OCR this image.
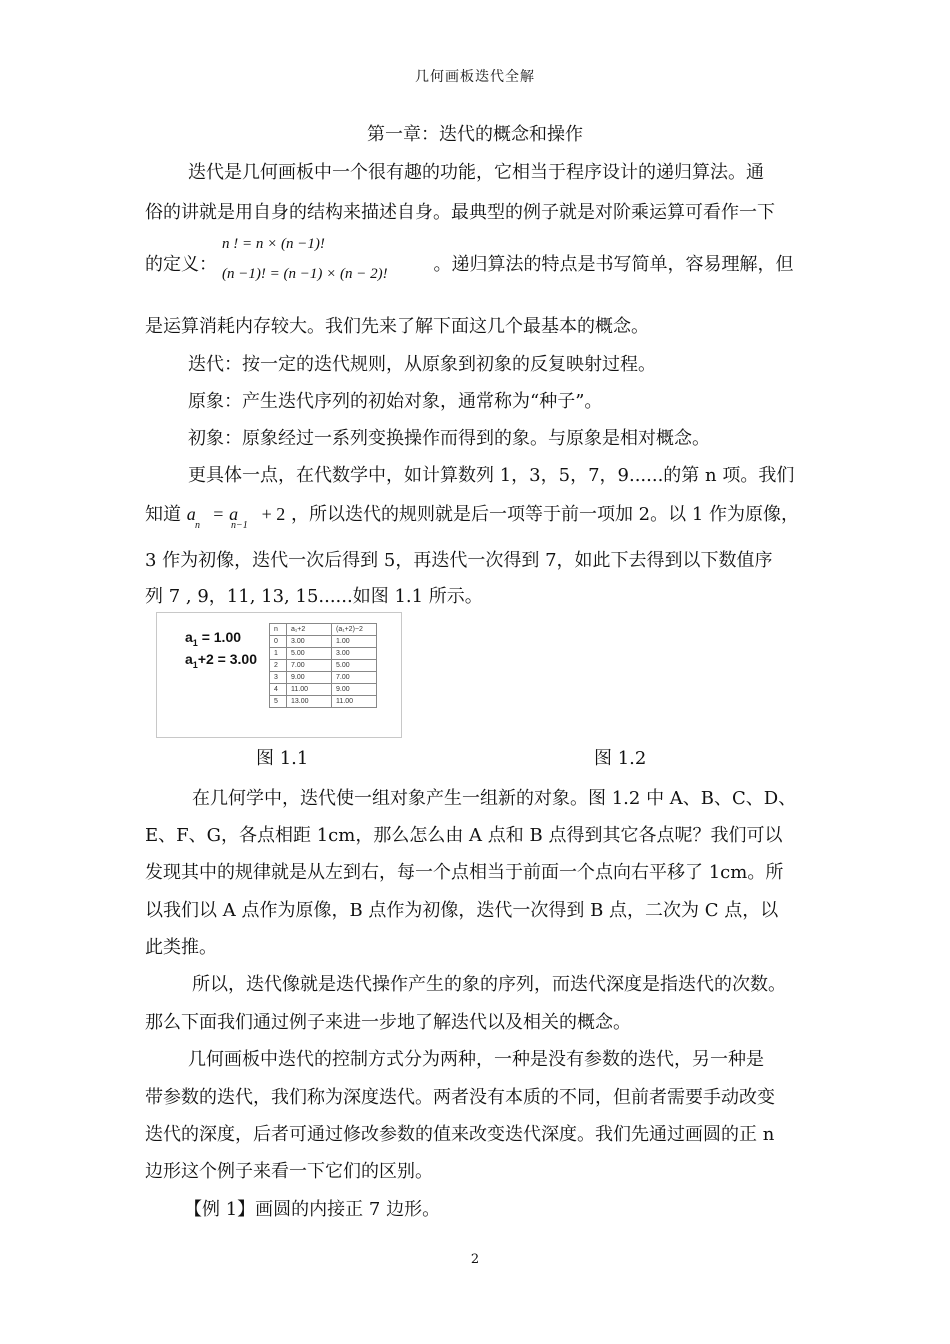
几何画板迭代全解
第一章：迭代的概念和操作
迭代是几何画板中一个很有趣的功能，它相当于程序设计的递归算法。通
俗的讲就是用自身的结构来描述自身。最典型的例子就是对阶乘运算可看作一下
的定义：	。递归算法的特点是书写简单，容易理解，但
n ! = n × (n −1)!
(n −1)! = (n −1) × (n − 2)!
是运算消耗内存较大。我们先来了解下面这几个最基本的概念。
迭代：按一定的迭代规则，从原象到初象的反复映射过程。
原象：产生迭代序列的初始对象，通常称为“种子”。
初象：原象经过一系列变换操作而得到的象。与原象是相对概念。
更具体一点，在代数学中，如计算数列 1，3，5，7，9......的第 n 项。我们
知道 a = a + 2 ，所以迭代的规则就是后一项等于前一项加 2。以 1 作为原像，
n	n−1
3 作为初像，迭代一次后得到 5，再迭代一次得到 7，如此下去得到以下数值序
列 7 , 9，11, 13, 15......如图 1.1 所示。
$a_1 = 1.00$
$a_1+2 = 3.00$
n	a₁+2	(a₁+2)−2
0	3.00	1.00
1	5.00	3.00
2	7.00	5.00
3	9.00	7.00
4	11.00	9.00
5	13.00	11.00
图 1.1	图 1.2
在几何学中，迭代使一组对象产生一组新的对象。图 1.2 中 A、B、C、D、
E、F、G，各点相距 1cm，那么怎么由 A 点和 B 点得到其它各点呢？我们可以
发现其中的规律就是从左到右，每一个点相当于前面一个点向右平移了 1cm。所
以我们以 A 点作为原像，B 点作为初像，迭代一次得到 B 点，二次为 C 点，以
此类推。
所以，迭代像就是迭代操作产生的象的序列，而迭代深度是指迭代的次数。
那么下面我们通过例子来进一步地了解迭代以及相关的概念。
几何画板中迭代的控制方式分为两种，一种是没有参数的迭代，另一种是
带参数的迭代，我们称为深度迭代。两者没有本质的不同，但前者需要手动改变
迭代的深度，后者可通过修改参数的值来改变迭代深度。我们先通过画圆的正 n
边形这个例子来看一下它们的区别。
【例 1】画圆的内接正 7 边形。
2
